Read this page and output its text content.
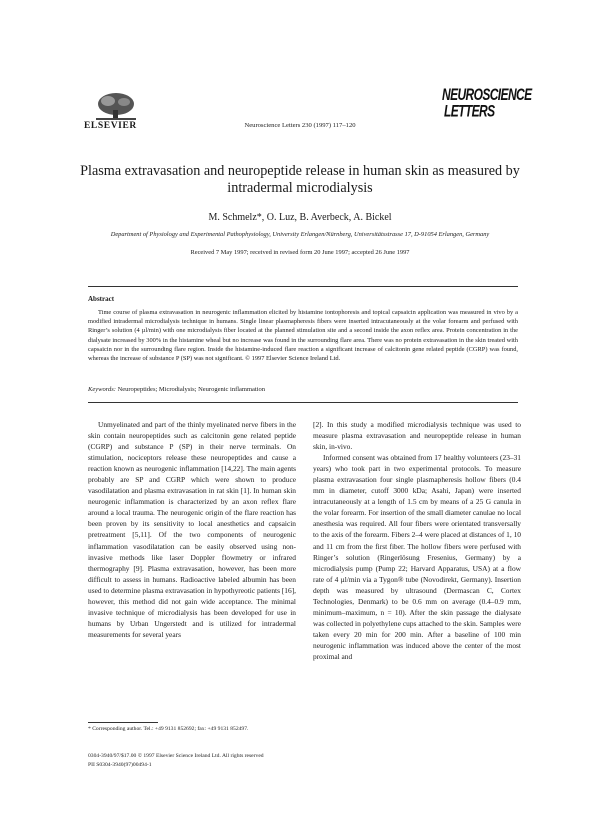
ELSEVIER	Neuroscience Letters 230 (1997) 117–120
NEUROSCIENCE
LETTERS
Plasma extravasation and neuropeptide release in human skin as measured by intradermal microdialysis
M. Schmelz*, O. Luz, B. Averbeck, A. Bickel
Department of Physiology and Experimental Pathophysiology, University Erlangen/Nürnberg, Universitätsstrasse 17, D-91054 Erlangen, Germany
Received 7 May 1997; received in revised form 20 June 1997; accepted 26 June 1997
Abstract
Time course of plasma extravasation in neurogenic inflammation elicited by histamine iontophoresis and topical capsaicin application was measured in vivo by a modified intradermal microdialysis technique in humans. Single linear plasmapheresis fibers were inserted intracutaneously at the volar forearm and perfused with Ringer’s solution (4 µl/min) with one microdialysis fiber located at the planned stimulation site and a second inside the axon reflex area. Protein concentration in the dialysate increased by 300% in the histamine wheal but no increase was found in the surrounding flare area. There was no protein extravasation in the skin treated with capsaicin nor in the surrounding flare region. Inside the histamine-induced flare reaction a significant increase of calcitonin gene related peptide (CGRP) was found, whereas the increase of substance P (SP) was not significant. © 1997 Elsevier Science Ireland Ltd.
Keywords: Neuropeptides; Microdialysis; Neurogenic inflammation

Unmyelinated and part of the thinly myelinated nerve fibers in the skin contain neuropeptides such as calcitonin gene related peptide (CGRP) and substance P (SP) in their nerve terminals. On stimulation, nociceptors release these neuropeptides and cause a reaction known as neurogenic inflammation [14,22]. The main agents probably are SP and CGRP which were shown to produce vasodilatation and plasma extravasation in rat skin [1]. In human skin neurogenic inflammation is characterized by an axon reflex flare around a local trauma. The neurogenic origin of the flare reaction has been proven by its sensitivity to local anesthetics and capsaicin pretreatment [5,11]. Of the two components of neurogenic inflammation vasodilatation can be easily observed using non-invasive methods like laser Doppler flowmetry or infrared thermography [9]. Plasma extravasation, however, has been more difficult to assess in humans. Radioactive labeled albumin has been used to determine plasma extravasation in hypothyreotic patients [16], however, this method did not gain wide acceptance. The minimal invasive technique of microdialysis has been developed for use in humans by Urban Ungerstedt and is utilized for intradermal measurements for several years

[2]. In this study a modified microdialysis technique was used to measure plasma extravasation and neuropeptide release in human skin, in-vivo.

Informed consent was obtained from 17 healthy volunteers (23–31 years) who took part in two experimental protocols. To measure plasma extravasation four single plasmapheresis hollow fibers (0.4 mm in diameter, cutoff 3000 kDa; Asahi, Japan) were inserted intracutaneously at a length of 1.5 cm by means of a 25 G canula in the volar forearm. For insertion of the small diameter canulae no local anesthesia was required. All four fibers were orientated transversally to the axis of the forearm. Fibers 2–4 were placed at distances of 1, 10 and 11 cm from the first fiber. The hollow fibers were perfused with Ringer’s solution (Ringerlösung Fresenius, Germany) by a microdialysis pump (Pump 22; Harvard Apparatus, USA) at a flow rate of 4 µl/min via a Tygon® tube (Novodirekt, Germany). Insertion depth was measured by ultrasound (Dermascan C, Cortex Technologies, Denmark) to be 0.6 mm on average (0.4–0.9 mm, minimum–maximum, n = 10). After the skin passage the dialysate was collected in polyethylene cups attached to the skin. Samples were taken every 20 min for 200 min. After a baseline of 100 min neurogenic inflammation was induced above the center of the most proximal and

* Corresponding author. Tel.: +49 9131 852692; fax: +49 9131 852497.
0304-3940/97/$17.00 © 1997 Elsevier Science Ireland Ltd. All rights reserved
PII S0304-3940(97)00494-1
